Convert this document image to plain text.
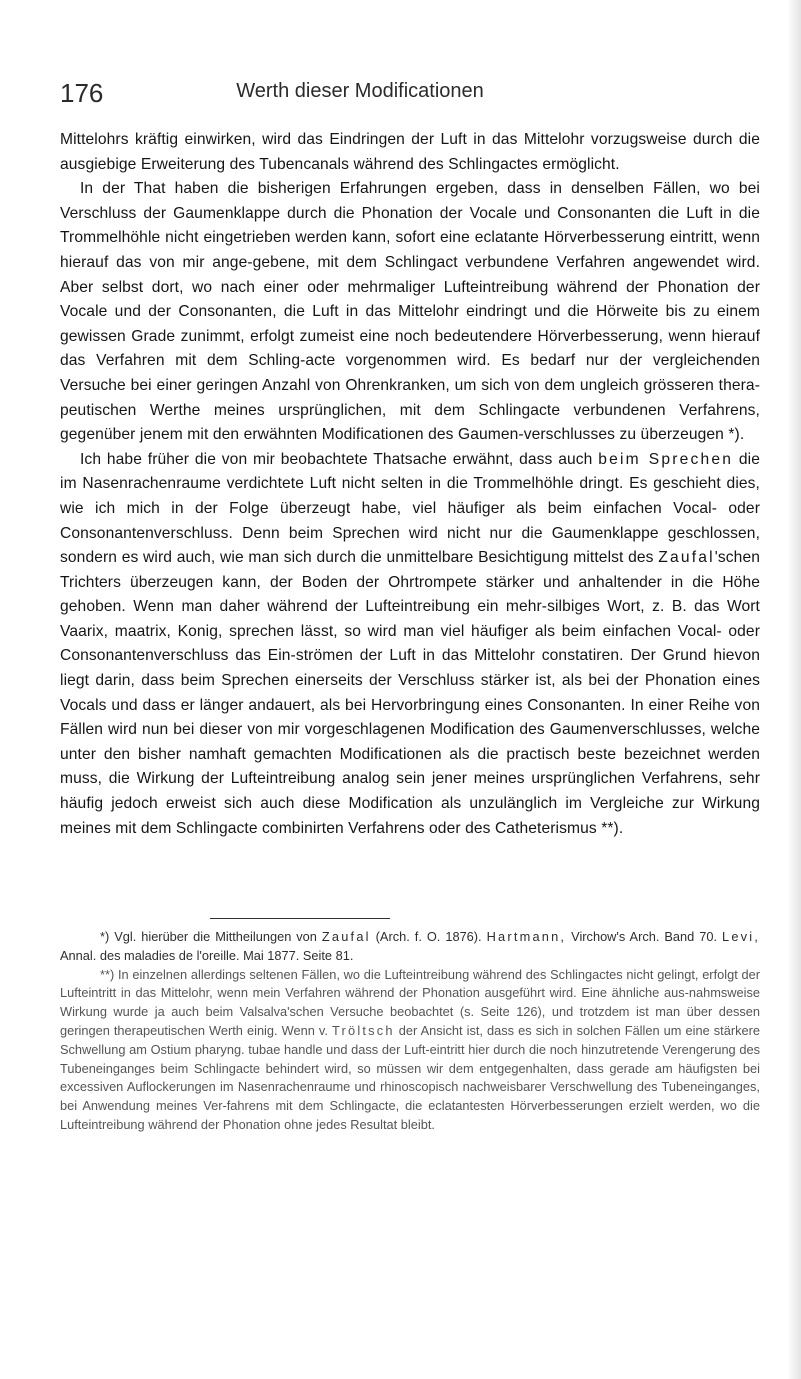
176	Werth dieser Modificationen

Mittelohrs kräftig einwirken, wird das Eindringen der Luft in das Mittelohr vorzugsweise durch die ausgiebige Erweiterung des Tubencanals während des Schlingactes ermöglicht.

In der That haben die bisherigen Erfahrungen ergeben, dass in denselben Fällen, wo bei Verschluss der Gaumenklappe durch die Phonation der Vocale und Consonanten die Luft in die Trommelhöhle nicht eingetrieben werden kann, sofort eine eclatante Hörverbesserung eintritt, wenn hierauf das von mir ange-gebene, mit dem Schlingact verbundene Verfahren angewendet wird. Aber selbst dort, wo nach einer oder mehrmaliger Lufteintreibung während der Phonation der Vocale und der Consonanten, die Luft in das Mittelohr eindringt und die Hörweite bis zu einem gewissen Grade zunimmt, erfolgt zumeist eine noch bedeutendere Hörverbesserung, wenn hierauf das Verfahren mit dem Schling-acte vorgenommen wird. Es bedarf nur der vergleichenden Versuche bei einer geringen Anzahl von Ohrenkranken, um sich von dem ungleich grösseren thera-peutischen Werthe meines ursprünglichen, mit dem Schlingacte verbundenen Verfahrens, gegenüber jenem mit den erwähnten Modificationen des Gaumen-verschlusses zu überzeugen *).

Ich habe früher die von mir beobachtete Thatsache erwähnt, dass auch beim Sprechen die im Nasenrachenraume verdichtete Luft nicht selten in die Trommelhöhle dringt. Es geschieht dies, wie ich mich in der Folge überzeugt habe, viel häufiger als beim einfachen Vocal- oder Consonantenverschluss. Denn beim Sprechen wird nicht nur die Gaumenklappe geschlossen, sondern es wird auch, wie man sich durch die unmittelbare Besichtigung mittelst des Zaufal'schen Trichters überzeugen kann, der Boden der Ohrtrompete stärker und anhaltender in die Höhe gehoben. Wenn man daher während der Lufteintreibung ein mehr-silbiges Wort, z. B. das Wort Vaarix, maatrix, Konig, sprechen lässt, so wird man viel häufiger als beim einfachen Vocal- oder Consonantenverschluss das Ein-strömen der Luft in das Mittelohr constatiren. Der Grund hievon liegt darin, dass beim Sprechen einerseits der Verschluss stärker ist, als bei der Phonation eines Vocals und dass er länger andauert, als bei Hervorbringung eines Consonanten. In einer Reihe von Fällen wird nun bei dieser von mir vorgeschlagenen Modification des Gaumenverschlusses, welche unter den bisher namhaft gemachten Modificationen als die practisch beste bezeichnet werden muss, die Wirkung der Lufteintreibung analog sein jener meines ursprünglichen Verfahrens, sehr häufig jedoch erweist sich auch diese Modification als unzulänglich im Vergleiche zur Wirkung meines mit dem Schlingacte combinirten Verfahrens oder des Catheterismus **).

*) Vgl. hierüber die Mittheilungen von Zaufal (Arch. f. O. 1876). Hartmann, Virchow's Arch. Band 70. Levi, Annal. des maladies de l'oreille. Mai 1877. Seite 81.

**) In einzelnen allerdings seltenen Fällen, wo die Lufteintreibung während des Schlingactes nicht gelingt, erfolgt der Lufteintritt in das Mittelohr, wenn mein Verfahren während der Phonation ausgeführt wird. Eine ähnliche aus-nahmsweise Wirkung wurde ja auch beim Valsalva'schen Versuche beobachtet (s. Seite 126), und trotzdem ist man über dessen geringen therapeutischen Werth einig. Wenn v. Tröltsch der Ansicht ist, dass es sich in solchen Fällen um eine stärkere Schwellung am Ostium pharyng. tubae handle und dass der Luft-eintritt hier durch die noch hinzutretende Verengerung des Tubeneinganges beim Schlingacte behindert wird, so müssen wir dem entgegenhalten, dass gerade am häufigsten bei excessiven Auflockerungen im Nasenrachenraume und rhinoscopisch nachweisbarer Verschwellung des Tubeneinganges, bei Anwendung meines Ver-fahrens mit dem Schlingacte, die eclatantesten Hörverbesserungen erzielt werden, wo die Lufteintreibung während der Phonation ohne jedes Resultat bleibt.
